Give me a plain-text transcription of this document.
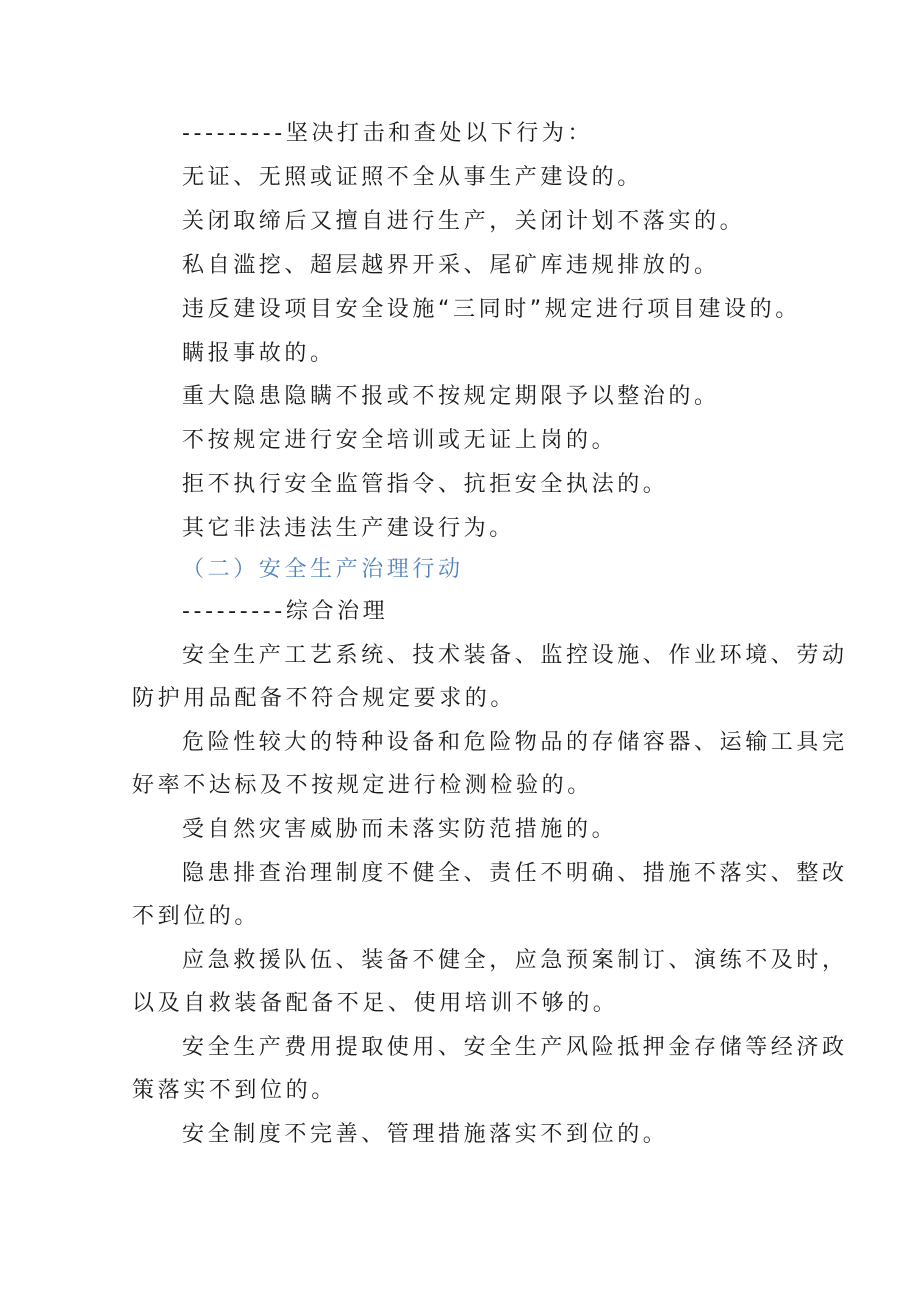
---------坚决打击和查处以下行为：
无证、无照或证照不全从事生产建设的。
关闭取缔后又擅自进行生产，关闭计划不落实的。
私自滥挖、超层越界开采、尾矿库违规排放的。
违反建设项目安全设施“三同时”规定进行项目建设的。
瞒报事故的。
重大隐患隐瞒不报或不按规定期限予以整治的。
不按规定进行安全培训或无证上岗的。
拒不执行安全监管指令、抗拒安全执法的。
其它非法违法生产建设行为。
（二）安全生产治理行动
---------综合治理
安全生产工艺系统、技术装备、监控设施、作业环境、劳动
防护用品配备不符合规定要求的。
危险性较大的特种设备和危险物品的存储容器、运输工具完
好率不达标及不按规定进行检测检验的。
受自然灾害威胁而未落实防范措施的。
隐患排查治理制度不健全、责任不明确、措施不落实、整改
不到位的。
应急救援队伍、装备不健全，应急预案制订、演练不及时，
以及自救装备配备不足、使用培训不够的。
安全生产费用提取使用、安全生产风险抵押金存储等经济政
策落实不到位的。
安全制度不完善、管理措施落实不到位的。
